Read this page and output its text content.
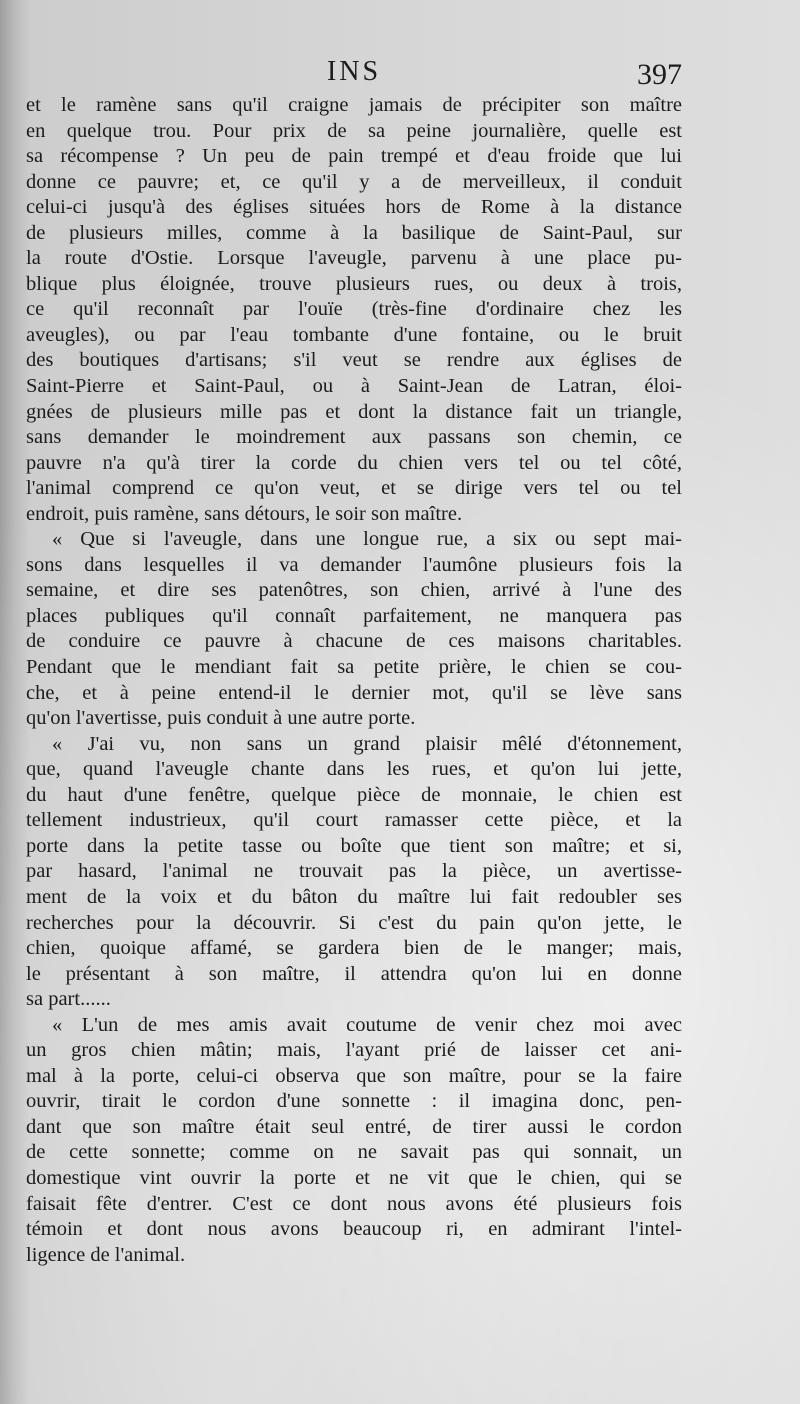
INS	397
et le ramène sans qu'il craigne jamais de précipiter son maître
en quelque trou. Pour prix de sa peine journalière, quelle est
sa récompense ? Un peu de pain trempé et d'eau froide que lui
donne ce pauvre; et, ce qu'il y a de merveilleux, il conduit
celui-ci jusqu'à des églises situées hors de Rome à la distance
de plusieurs milles, comme à la basilique de Saint-Paul, sur
la route d'Ostie. Lorsque l'aveugle, parvenu à une place pu-
blique plus éloignée, trouve plusieurs rues, ou deux à trois,
ce qu'il reconnaît par l'ouïe (très-fine d'ordinaire chez les
aveugles), ou par l'eau tombante d'une fontaine, ou le bruit
des boutiques d'artisans; s'il veut se rendre aux églises de
Saint-Pierre et Saint-Paul, ou à Saint-Jean de Latran, éloi-
gnées de plusieurs mille pas et dont la distance fait un triangle,
sans demander le moindrement aux passans son chemin, ce
pauvre n'a qu'à tirer la corde du chien vers tel ou tel côté,
l'animal comprend ce qu'on veut, et se dirige vers tel ou tel
endroit, puis ramène, sans détours, le soir son maître.
« Que si l'aveugle, dans une longue rue, a six ou sept mai-
sons dans lesquelles il va demander l'aumône plusieurs fois la
semaine, et dire ses patenôtres, son chien, arrivé à l'une des
places publiques qu'il connaît parfaitement, ne manquera pas
de conduire ce pauvre à chacune de ces maisons charitables.
Pendant que le mendiant fait sa petite prière, le chien se cou-
che, et à peine entend-il le dernier mot, qu'il se lève sans
qu'on l'avertisse, puis conduit à une autre porte.
« J'ai vu, non sans un grand plaisir mêlé d'étonnement,
que, quand l'aveugle chante dans les rues, et qu'on lui jette,
du haut d'une fenêtre, quelque pièce de monnaie, le chien est
tellement industrieux, qu'il court ramasser cette pièce, et la
porte dans la petite tasse ou boîte que tient son maître; et si,
par hasard, l'animal ne trouvait pas la pièce, un avertisse-
ment de la voix et du bâton du maître lui fait redoubler ses
recherches pour la découvrir. Si c'est du pain qu'on jette, le
chien, quoique affamé, se gardera bien de le manger; mais,
le présentant à son maître, il attendra qu'on lui en donne
sa part......
« L'un de mes amis avait coutume de venir chez moi avec
un gros chien mâtin; mais, l'ayant prié de laisser cet ani-
mal à la porte, celui-ci observa que son maître, pour se la faire
ouvrir, tirait le cordon d'une sonnette : il imagina donc, pen-
dant que son maître était seul entré, de tirer aussi le cordon
de cette sonnette; comme on ne savait pas qui sonnait, un
domestique vint ouvrir la porte et ne vit que le chien, qui se
faisait fête d'entrer. C'est ce dont nous avons été plusieurs fois
témoin et dont nous avons beaucoup ri, en admirant l'intel-
ligence de l'animal.
